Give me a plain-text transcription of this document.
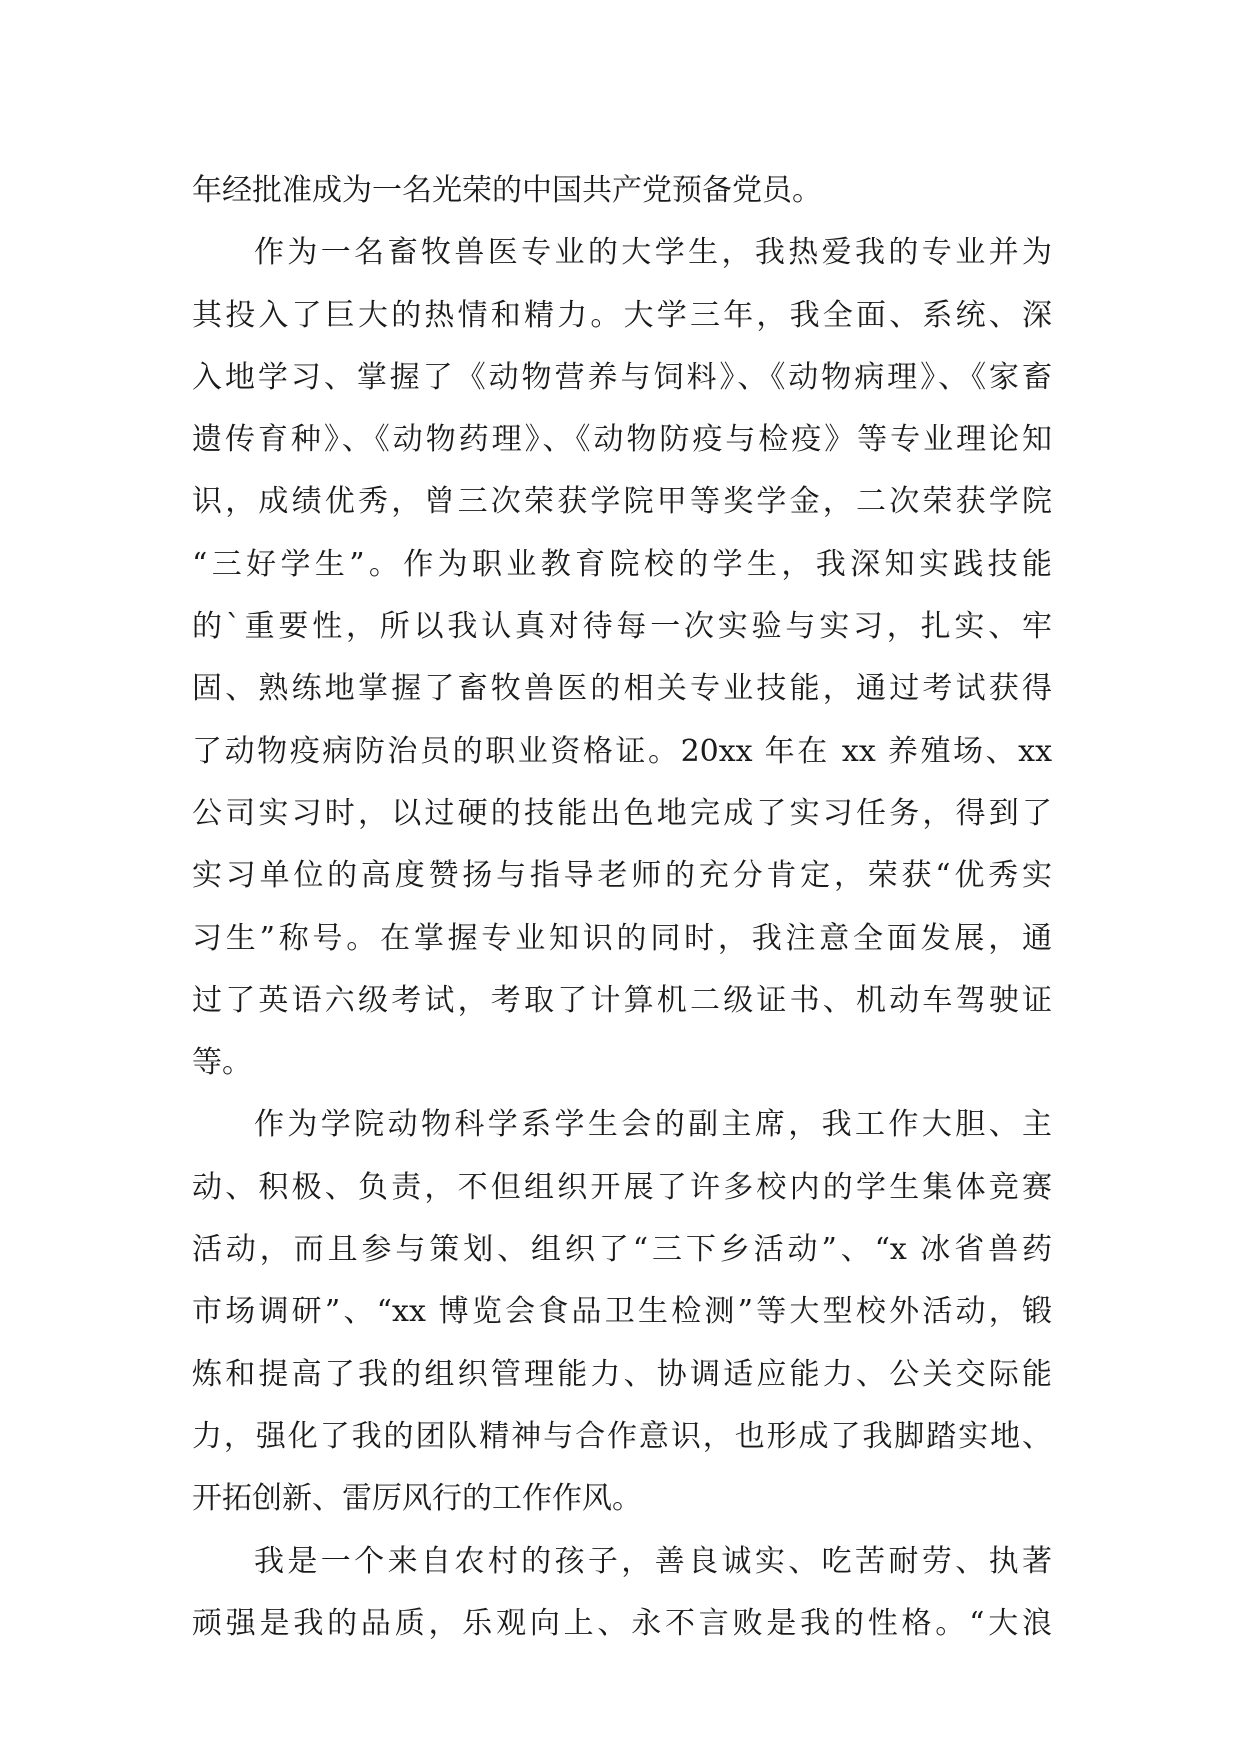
年经批准成为一名光荣的中国共产党预备党员。
作为一名畜牧兽医专业的大学生，我热爱我的专业并为
其投入了巨大的热情和精力。大学三年，我全面、系统、深
入地学习、掌握了《动物营养与饲料》、《动物病理》、《家畜
遗传育种》、《动物药理》、《动物防疫与检疫》等专业理论知
识，成绩优秀，曾三次荣获学院甲等奖学金，二次荣获学院
“三好学生”。作为职业教育院校的学生，我深知实践技能
的`重要性，所以我认真对待每一次实验与实习，扎实、牢
固、熟练地掌握了畜牧兽医的相关专业技能，通过考试获得
了动物疫病防治员的职业资格证。20xx 年在 xx 养殖场、xx
公司实习时，以过硬的技能出色地完成了实习任务，得到了
实习单位的高度赞扬与指导老师的充分肯定，荣获“优秀实
习生”称号。在掌握专业知识的同时，我注意全面发展，通
过了英语六级考试，考取了计算机二级证书、机动车驾驶证
等。
作为学院动物科学系学生会的副主席，我工作大胆、主
动、积极、负责，不但组织开展了许多校内的学生集体竞赛
活动，而且参与策划、组织了“三下乡活动”、“x 冰省兽药
市场调研”、“xx 博览会食品卫生检测”等大型校外活动，锻
炼和提高了我的组织管理能力、协调适应能力、公关交际能
力，强化了我的团队精神与合作意识，也形成了我脚踏实地、
开拓创新、雷厉风行的工作作风。
我是一个来自农村的孩子，善良诚实、吃苦耐劳、执著
顽强是我的品质，乐观向上、永不言败是我的性格。“大浪
